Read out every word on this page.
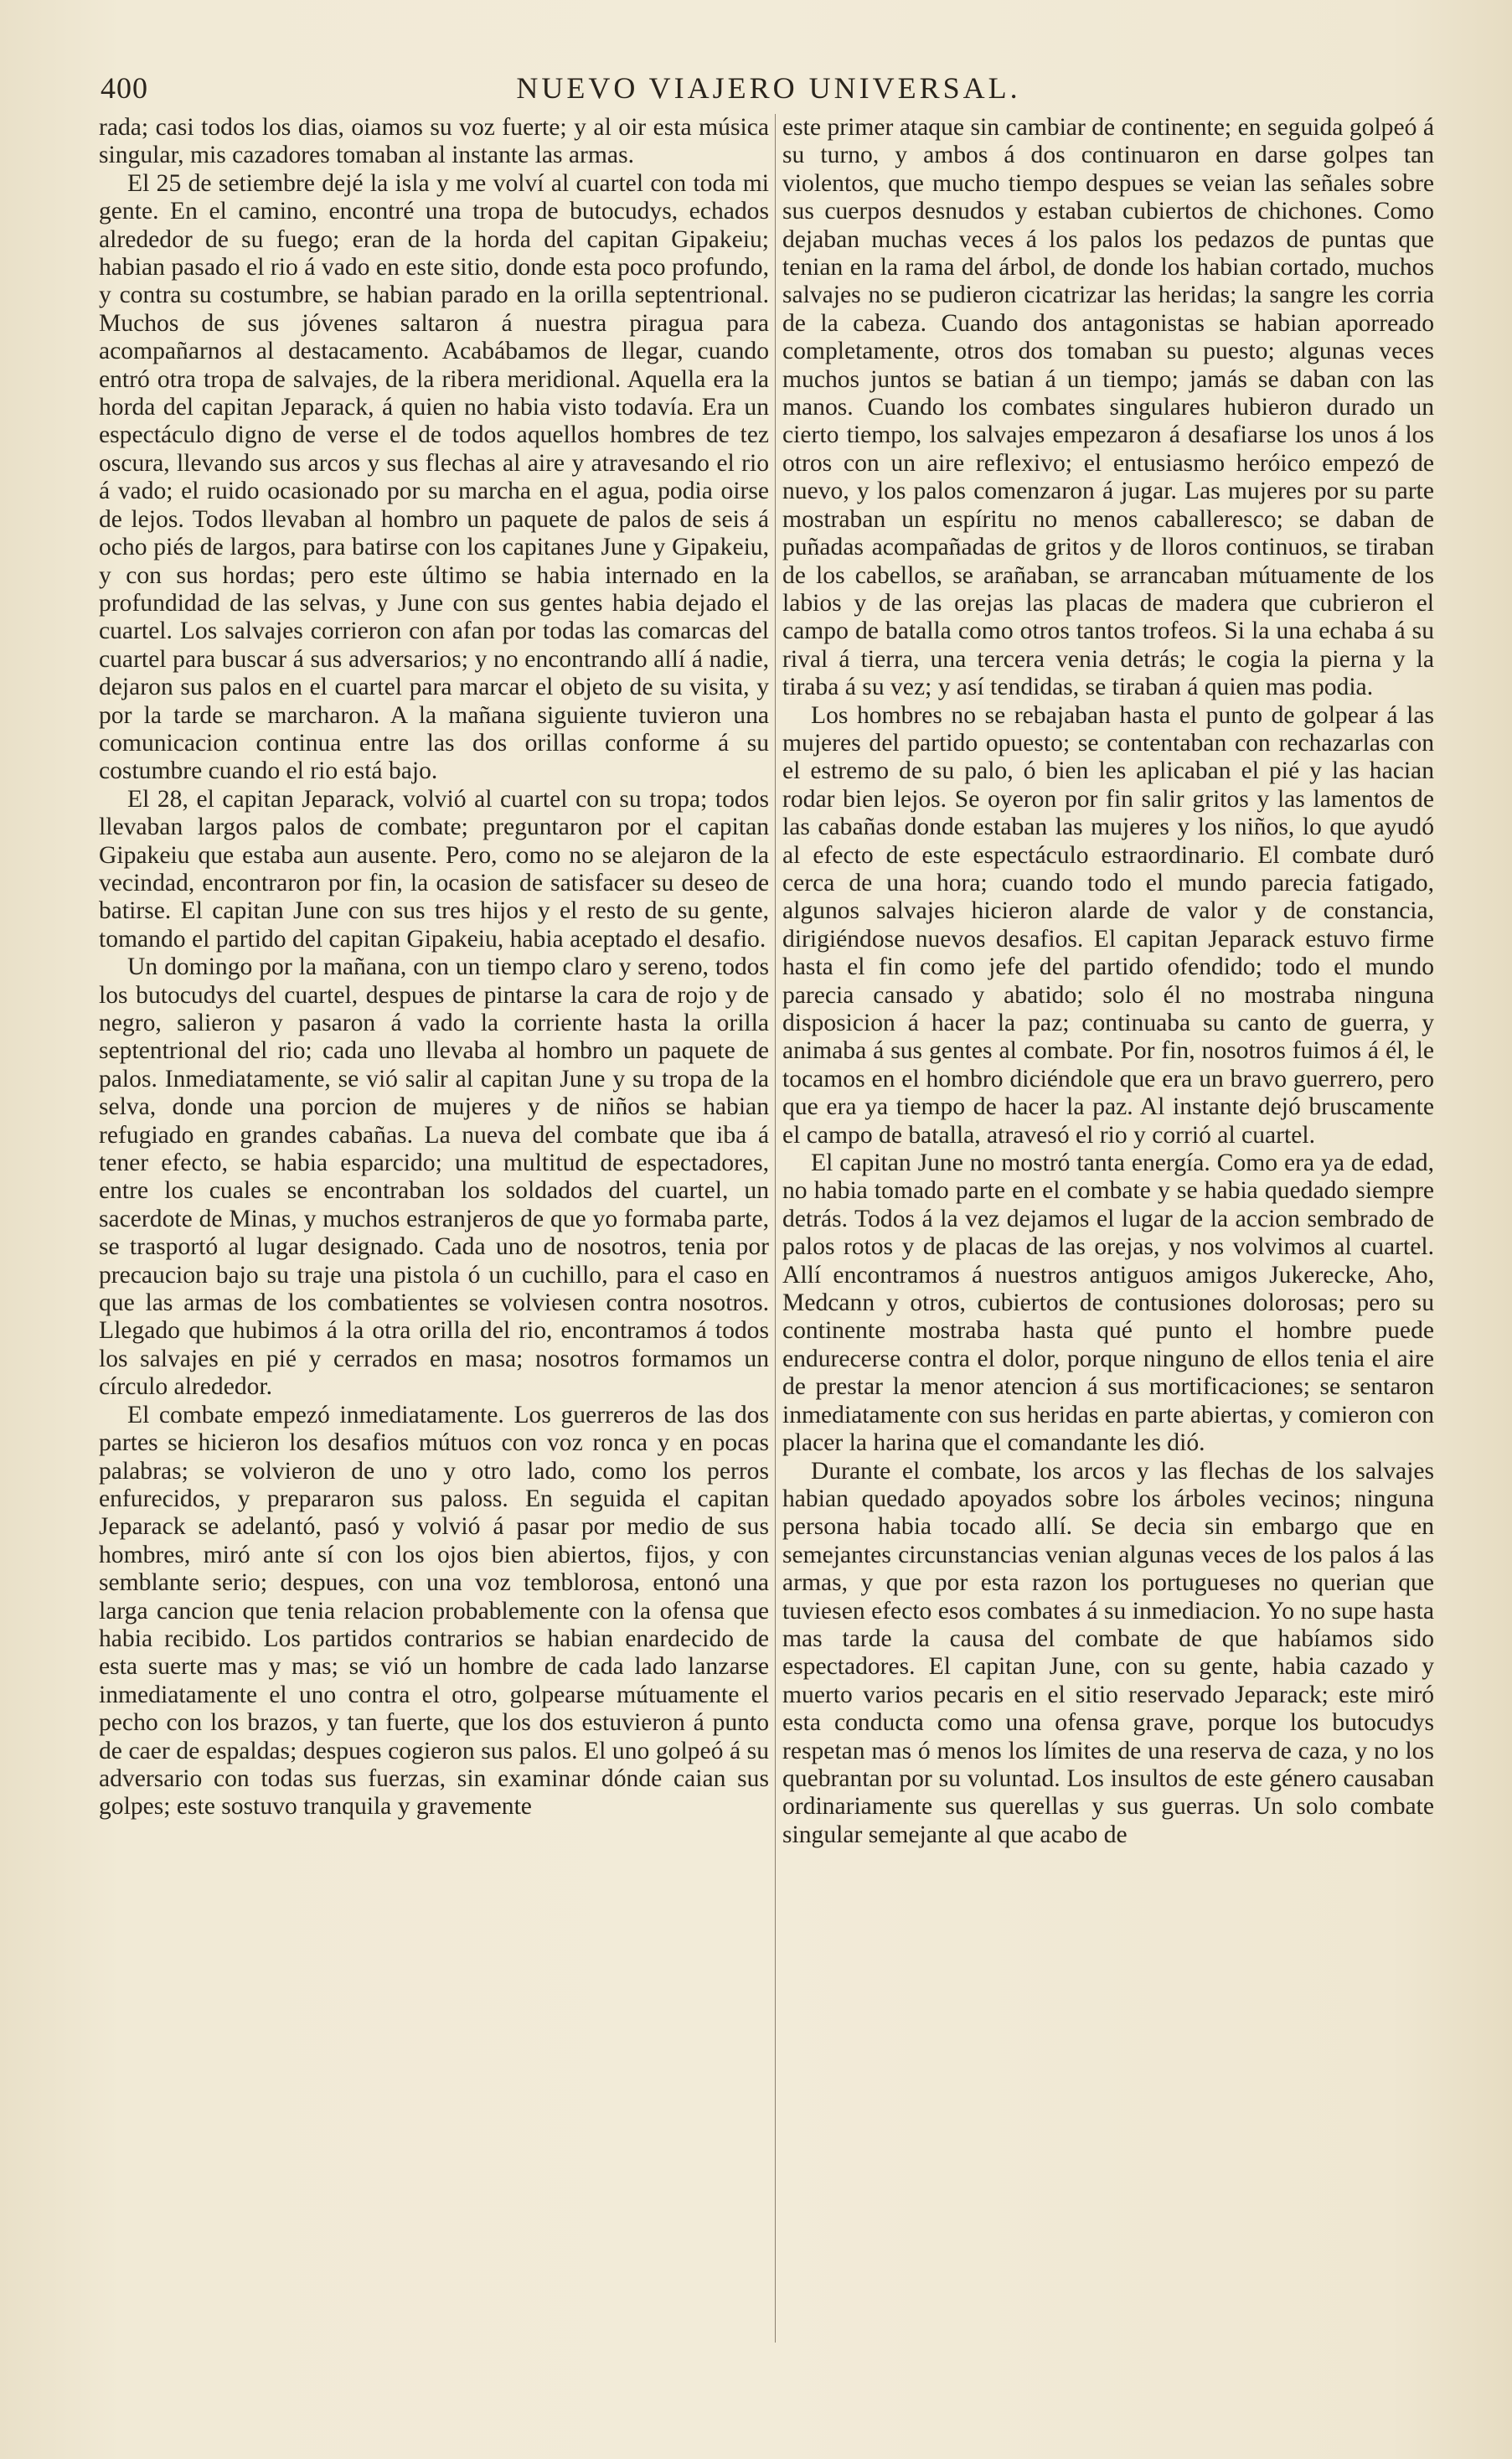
400	NUEVO VIAJERO UNIVERSAL.

rada; casi todos los dias, oiamos su voz fuerte; y al oir esta música singular, mis cazadores tomaban al instante las armas.

El 25 de setiembre dejé la isla y me volví al cuartel con toda mi gente. En el camino, encontré una tropa de butocudys, echados alrededor de su fuego; eran de la horda del capitan Gipakeiu; habian pasado el rio á vado en este sitio, donde esta poco profundo, y contra su costumbre, se habian parado en la orilla septentrional. Muchos de sus jóvenes saltaron á nuestra piragua para acompañarnos al destacamento. Acabábamos de llegar, cuando entró otra tropa de salvajes, de la ribera meridional. Aquella era la horda del capitan Jeparack, á quien no habia visto todavía. Era un espectáculo digno de verse el de todos aquellos hombres de tez oscura, llevando sus arcos y sus flechas al aire y atravesando el rio á vado; el ruido ocasionado por su marcha en el agua, podia oirse de lejos. Todos llevaban al hombro un paquete de palos de seis á ocho piés de largos, para batirse con los capitanes June y Gipakeiu, y con sus hordas; pero este último se habia internado en la profundidad de las selvas, y June con sus gentes habia dejado el cuartel. Los salvajes corrieron con afan por todas las comarcas del cuartel para buscar á sus adversarios; y no encontrando allí á nadie, dejaron sus palos en el cuartel para marcar el objeto de su visita, y por la tarde se marcharon. A la mañana siguiente tuvieron una comunicacion continua entre las dos orillas conforme á su costumbre cuando el rio está bajo.

El 28, el capitan Jeparack, volvió al cuartel con su tropa; todos llevaban largos palos de combate; preguntaron por el capitan Gipakeiu que estaba aun ausente. Pero, como no se alejaron de la vecindad, encontraron por fin, la ocasion de satisfacer su deseo de batirse. El capitan June con sus tres hijos y el resto de su gente, tomando el partido del capitan Gipakeiu, habia aceptado el desafio.

Un domingo por la mañana, con un tiempo claro y sereno, todos los butocudys del cuartel, despues de pintarse la cara de rojo y de negro, salieron y pasaron á vado la corriente hasta la orilla septentrional del rio; cada uno llevaba al hombro un paquete de palos. Inmediatamente, se vió salir al capitan June y su tropa de la selva, donde una porcion de mujeres y de niños se habian refugiado en grandes cabañas. La nueva del combate que iba á tener efecto, se habia esparcido; una multitud de espectadores, entre los cuales se encontraban los soldados del cuartel, un sacerdote de Minas, y muchos estranjeros de que yo formaba parte, se trasportó al lugar designado. Cada uno de nosotros, tenia por precaucion bajo su traje una pistola ó un cuchillo, para el caso en que las armas de los combatientes se volviesen contra nosotros. Llegado que hubimos á la otra orilla del rio, encontramos á todos los salvajes en pié y cerrados en masa; nosotros formamos un círculo alrededor.

El combate empezó inmediatamente. Los guerreros de las dos partes se hicieron los desafios mútuos con voz ronca y en pocas palabras; se volvieron de uno y otro lado, como los perros enfurecidos, y prepararon sus paloss. En seguida el capitan Jeparack se adelantó, pasó y volvió á pasar por medio de sus hombres, miró ante sí con los ojos bien abiertos, fijos, y con semblante serio; despues, con una voz temblorosa, entonó una larga cancion que tenia relacion probablemente con la ofensa que habia recibido. Los partidos contrarios se habian enardecido de esta suerte mas y mas; se vió un hombre de cada lado lanzarse inmediatamente el uno contra el otro, golpearse mútuamente el pecho con los brazos, y tan fuerte, que los dos estuvieron á punto de caer de espaldas; despues cogieron sus palos. El uno golpeó á su adversario con todas sus fuerzas, sin examinar dónde caian sus golpes; este sostuvo tranquila y gravemente

este primer ataque sin cambiar de continente; en seguida golpeó á su turno, y ambos á dos continuaron en darse golpes tan violentos, que mucho tiempo despues se veian las señales sobre sus cuerpos desnudos y estaban cubiertos de chichones. Como dejaban muchas veces á los palos los pedazos de puntas que tenian en la rama del árbol, de donde los habian cortado, muchos salvajes no se pudieron cicatrizar las heridas; la sangre les corria de la cabeza. Cuando dos antagonistas se habian aporreado completamente, otros dos tomaban su puesto; algunas veces muchos juntos se batian á un tiempo; jamás se daban con las manos. Cuando los combates singulares hubieron durado un cierto tiempo, los salvajes empezaron á desafiarse los unos á los otros con un aire reflexivo; el entusiasmo heróico empezó de nuevo, y los palos comenzaron á jugar. Las mujeres por su parte mostraban un espíritu no menos caballeresco; se daban de puñadas acompañadas de gritos y de lloros continuos, se tiraban de los cabellos, se arañaban, se arrancaban mútuamente de los labios y de las orejas las placas de madera que cubrieron el campo de batalla como otros tantos trofeos. Si la una echaba á su rival á tierra, una tercera venia detrás; le cogia la pierna y la tiraba á su vez; y así tendidas, se tiraban á quien mas podia.

Los hombres no se rebajaban hasta el punto de golpear á las mujeres del partido opuesto; se contentaban con rechazarlas con el estremo de su palo, ó bien les aplicaban el pié y las hacian rodar bien lejos. Se oyeron por fin salir gritos y las lamentos de las cabañas donde estaban las mujeres y los niños, lo que ayudó al efecto de este espectáculo estraordinario. El combate duró cerca de una hora; cuando todo el mundo parecia fatigado, algunos salvajes hicieron alarde de valor y de constancia, dirigiéndose nuevos desafios. El capitan Jeparack estuvo firme hasta el fin como jefe del partido ofendido; todo el mundo parecia cansado y abatido; solo él no mostraba ninguna disposicion á hacer la paz; continuaba su canto de guerra, y animaba á sus gentes al combate. Por fin, nosotros fuimos á él, le tocamos en el hombro diciéndole que era un bravo guerrero, pero que era ya tiempo de hacer la paz. Al instante dejó bruscamente el campo de batalla, atravesó el rio y corrió al cuartel.

El capitan June no mostró tanta energía. Como era ya de edad, no habia tomado parte en el combate y se habia quedado siempre detrás. Todos á la vez dejamos el lugar de la accion sembrado de palos rotos y de placas de las orejas, y nos volvimos al cuartel. Allí encontramos á nuestros antiguos amigos Jukerecke, Aho, Medcann y otros, cubiertos de contusiones dolorosas; pero su continente mostraba hasta qué punto el hombre puede endurecerse contra el dolor, porque ninguno de ellos tenia el aire de prestar la menor atencion á sus mortificaciones; se sentaron inmediatamente con sus heridas en parte abiertas, y comieron con placer la harina que el comandante les dió.

Durante el combate, los arcos y las flechas de los salvajes habian quedado apoyados sobre los árboles vecinos; ninguna persona habia tocado allí. Se decia sin embargo que en semejantes circunstancias venian algunas veces de los palos á las armas, y que por esta razon los portugueses no querian que tuviesen efecto esos combates á su inmediacion. Yo no supe hasta mas tarde la causa del combate de que habíamos sido espectadores. El capitan June, con su gente, habia cazado y muerto varios pecaris en el sitio reservado Jeparack; este miró esta conducta como una ofensa grave, porque los butocudys respetan mas ó menos los límites de una reserva de caza, y no los quebrantan por su voluntad. Los insultos de este género causaban ordinariamente sus querellas y sus guerras. Un solo combate singular semejante al que acabo de
